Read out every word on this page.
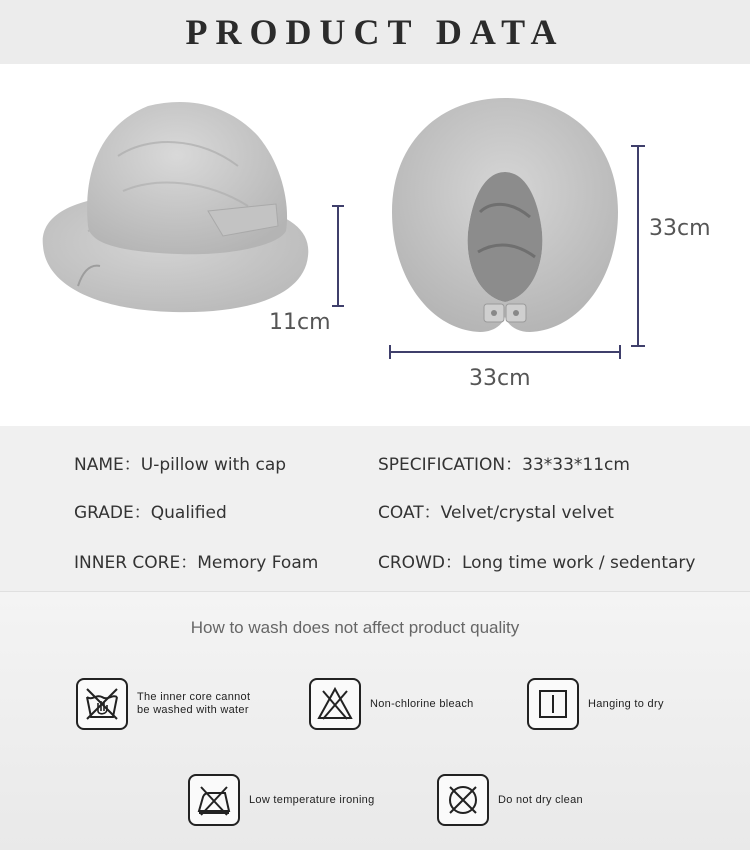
PRODUCT DATA
11cm
33cm
33cm
NAME：U-pillow with cap
GRADE：Qualified
INNER CORE：Memory Foam
SPECIFICATION：33*33*11cm
COAT：Velvet/crystal velvet
CROWD：Long time work / sedentary
How to wash does not affect product quality
The inner core cannot
be washed with water
Non-chlorine bleach	Hanging to dry
Low temperature ironing	Do not dry clean
